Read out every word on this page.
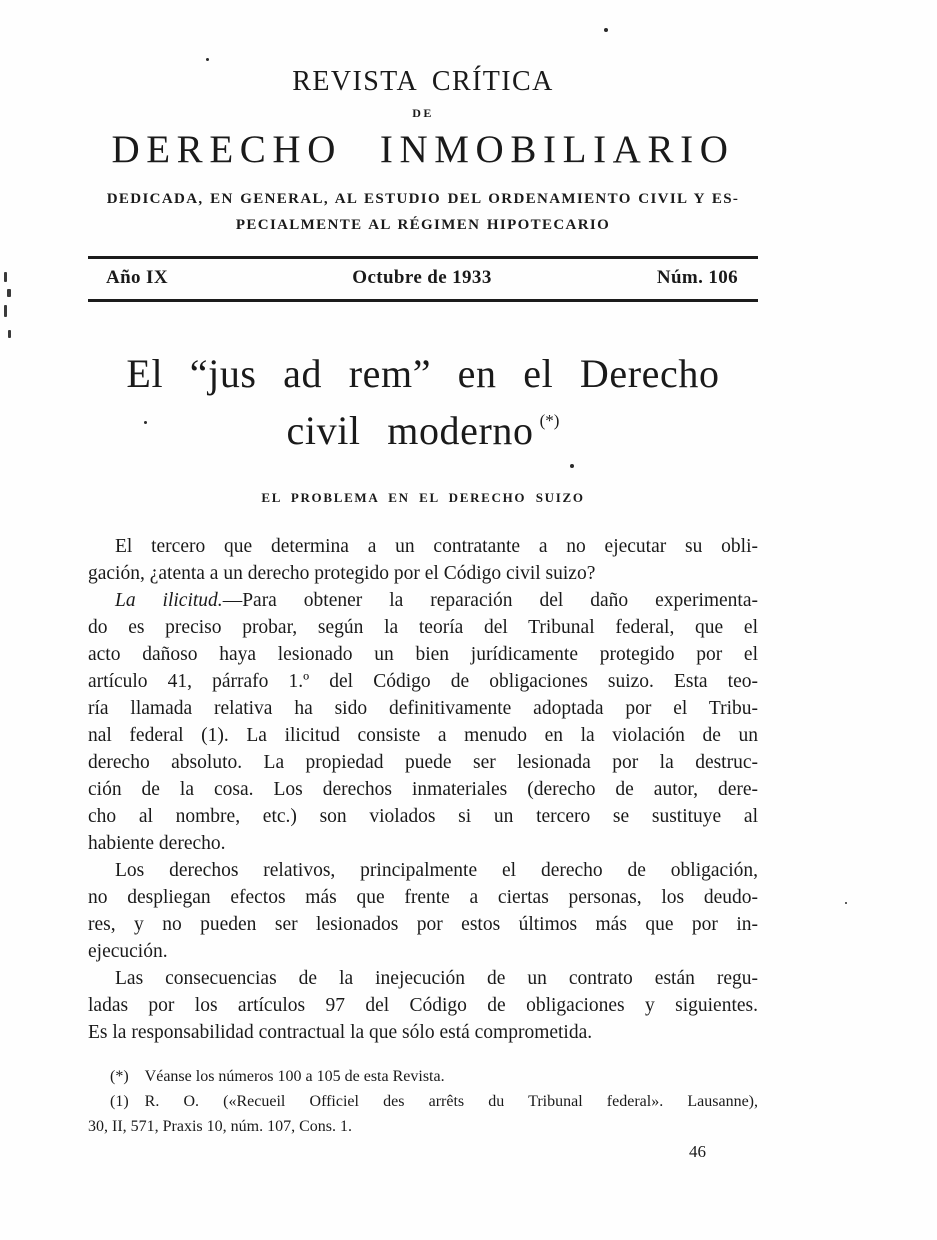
REVISTA CRÍTICA
DE
DERECHO INMOBILIARIO
DEDICADA, EN GENERAL, AL ESTUDIO DEL ORDENAMIENTO CIVIL Y ES-
PECIALMENTE AL RÉGIMEN HIPOTECARIO
Año IX	Octubre de 1933	Núm. 106
El “jus ad rem” en el Derecho
civil moderno (*)
EL PROBLEMA EN EL DERECHO SUIZO
El tercero que determina a un contratante a no ejecutar su obli-
gación, ¿atenta a un derecho protegido por el Código civil suizo?
La ilicitud.—Para obtener la reparación del daño experimenta-
do es preciso probar, según la teoría del Tribunal federal, que el
acto dañoso haya lesionado un bien jurídicamente protegido por el
artículo 41, párrafo 1.º del Código de obligaciones suizo. Esta teo-
ría llamada relativa ha sido definitivamente adoptada por el Tribu-
nal federal (1). La ilicitud consiste a menudo en la violación de un
derecho absoluto. La propiedad puede ser lesionada por la destruc-
ción de la cosa. Los derechos inmateriales (derecho de autor, dere-
cho al nombre, etc.) son violados si un tercero se sustituye al
habiente derecho.
Los derechos relativos, principalmente el derecho de obligación,
no despliegan efectos más que frente a ciertas personas, los deudo-
res, y no pueden ser lesionados por estos últimos más que por in-
ejecución.
Las consecuencias de la inejecución de un contrato están regu-
ladas por los artículos 97 del Código de obligaciones y siguientes.
Es la responsabilidad contractual la que sólo está comprometida.
(*) Véanse los números 100 a 105 de esta Revista.
(1) R. O. («Recueil Officiel des arrêts du Tribunal federal». Lausanne),
30, II, 571, Praxis 10, núm. 107, Cons. 1.
46
